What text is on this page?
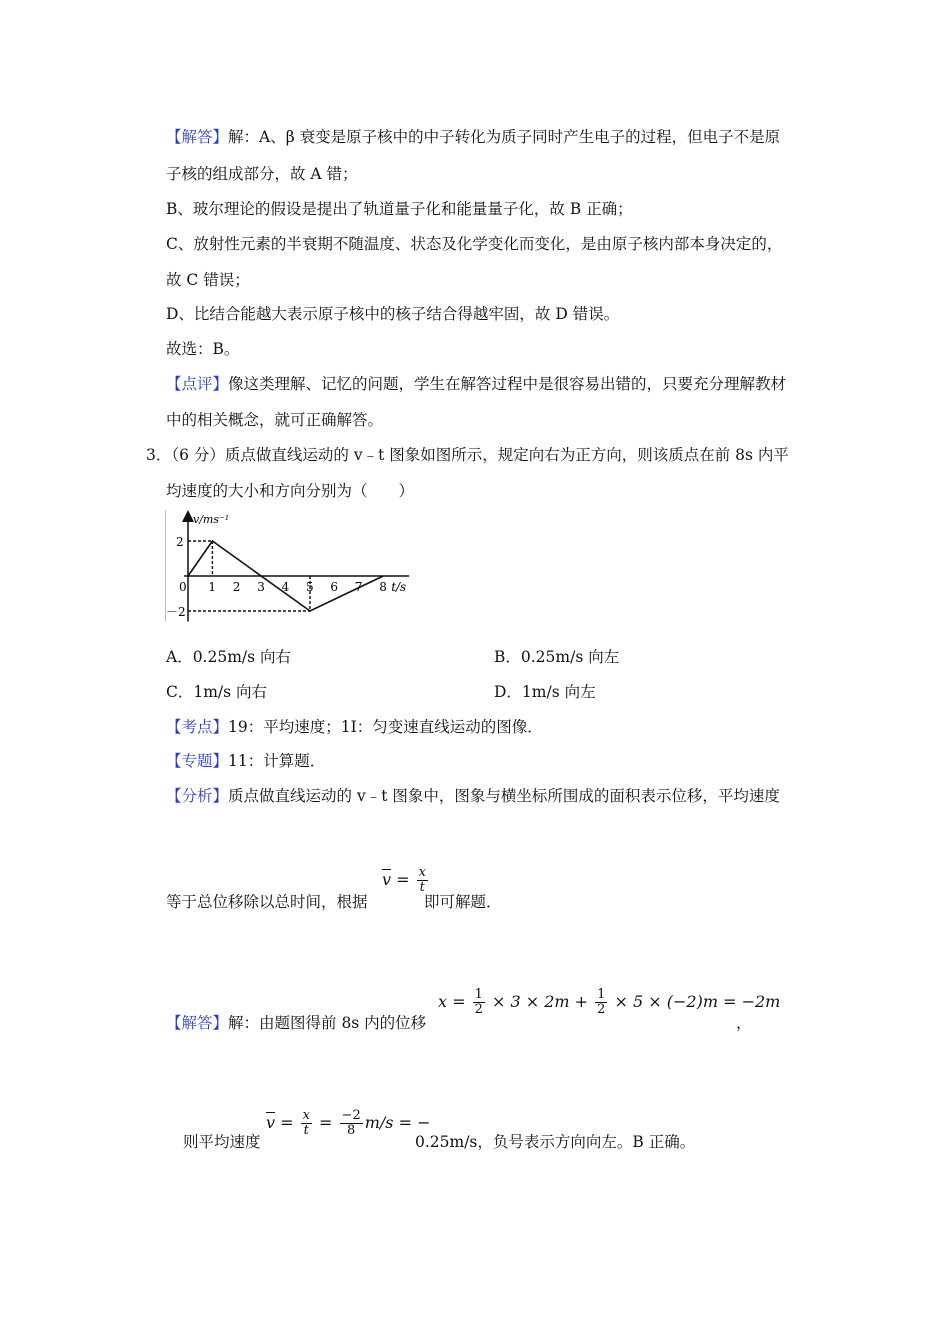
【解答】解：A、β 衰变是原子核中的中子转化为质子同时产生电子的过程，但电子不是原
子核的组成部分，故 A 错；
B、玻尔理论的假设是提出了轨道量子化和能量量子化，故 B 正确；
C、放射性元素的半衰期不随温度、状态及化学变化而变化，是由原子核内部本身决定的，
故 C 错误；
D、比结合能越大表示原子核中的核子结合得越牢固，故 D 错误。
故选：B。
【点评】像这类理解、记忆的问题，学生在解答过程中是很容易出错的，只要充分理解教材
中的相关概念，就可正确解答。
3．（6 分）质点做直线运动的 v﹣t 图象如图所示，规定向右为正方向，则该质点在前 8s 内平
均速度的大小和方向分别为（　　）
0 1 2 3 4 5 6 7 8
2
－2
t/s
v/ms⁻¹
A．0.25m/s 向右	B．0.25m/s 向左
C．1m/s 向右	D．1m/s 向左
【考点】19：平均速度；1I：匀变速直线运动的图像．
【专题】11：计算题．
【分析】质点做直线运动的 v﹣t 图象中，图象与横坐标所围成的面积表示位移，平均速度
等于总位移除以总时间，根据
$\overline{v} = \frac{x}{t}$
即可解题．
【解答】解：由题图得前 8s 内的位移
$x = \frac{1}{2} \times 3 \times 2m + \frac{1}{2} \times 5 \times (-2)m = -2m$
，
则平均速度
$\overline{v} = \frac{x}{t} = \frac{-2}{8} m/s$ = −
0.25m/s，负号表示方向向左。B 正确。
